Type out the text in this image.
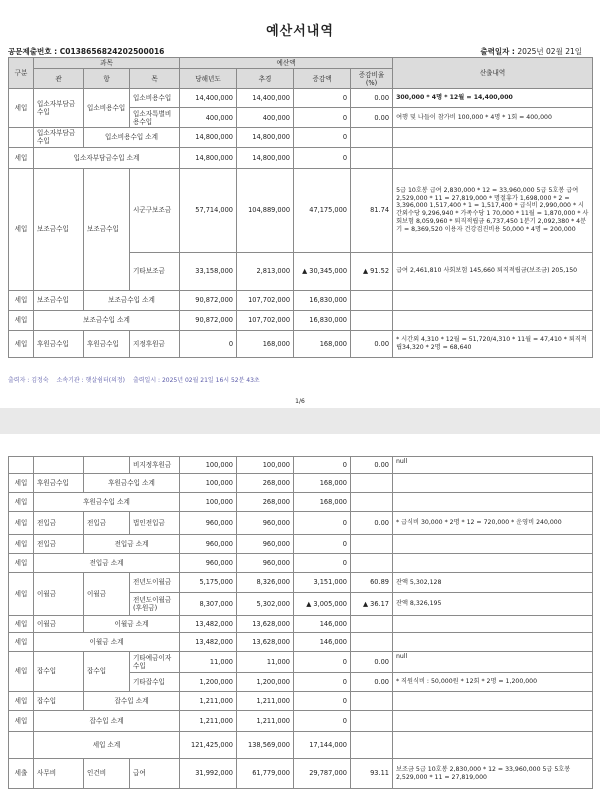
예산서내역
공문제출번호 : C0138656824202500016	출력일자 : 2025년 02월 21일
구분	과목			예산액				산출내역
	관	항	목	당해년도	추경	증감액	증감비율 (%)	

세입	입소자부담금수입	입소비용수입	입소비용수입	14,400,000	14,400,000	0	0.00	300,000 * 4명 * 12월 = 14,400,000
			입소자특별비용수입	400,000	400,000	0	0.00	여행 및 나들이 참가비 100,000 * 4명 * 1회 = 400,000
	입소자부담금수입	입소비용수입 소계		14,800,000	14,800,000	0		
세입	입소자부담금수입 소계			14,800,000	14,800,000	0		
세입	보조금수입	보조금수입	시군구보조금	57,714,000	104,889,000	47,175,000	81.74	5급 10호봉 급여 2,830,000 * 12 = 33,960,000 5급 5호봉 급여 2,529,000 * 11 = 27,819,000 * 명절휴가 1,698,000 * 2 = 3,396,000 1,517,400 * 1 = 1,517,400 * 급식비 2,990,000 * 시간외수당 9,296,940 * 가족수당 1 70,000 * 11월 = 1,870,000 * 사회보험 8,059,960 * 퇴직적립금 6,737,450 1분기 2,092,380 * 4분기 = 8,369,520 이용자 건강검진비용 50,000 * 4명 = 200,000
			기타보조금	33,158,000	2,813,000	▲ 30,345,000	▲ 91.52	급여 2,461,810 사회보험 145,660 퇴직적립금(보조금) 205,150
세입	보조금수입	보조금수입 소계		90,872,000	107,702,000	16,830,000		
세입	보조금수입 소계			90,872,000	107,702,000	16,830,000		
세입	후원금수입	후원금수입	지정후원금	0	168,000	168,000	0.00	* 시간외 4,310 * 12월 = 51,720/4,310 * 11월 = 47,410 * 퇴직적립34,320 * 2명 = 68,640
출력자 : 김정숙 소속기관 : 햇살쉼터(의정) 출력일시 : 2025년 02월 21일 16시 52분 43초
1/6
			비지정후원금	100,000	100,000	0	0.00	null
세입	후원금수입	후원금수입 소계		100,000	268,000	168,000		
세입	후원금수입 소계			100,000	268,000	168,000		
세입	전입금	전입금	법인전입금	960,000	960,000	0	0.00	* 급식비 30,000 * 2명 * 12 = 720,000 * 운영비 240,000
세입	전입금	전입금 소계		960,000	960,000	0		
세입	전입금 소계			960,000	960,000	0		
세입	이월금	이월금	전년도이월금	5,175,000	8,326,000	3,151,000	60.89	잔액 5,302,128
			전년도이월금(후원금)	8,307,000	5,302,000	▲ 3,005,000	▲ 36.17	잔액 8,326,195
세입	이월금	이월금 소계		13,482,000	13,628,000	146,000		
세입	이월금 소계			13,482,000	13,628,000	146,000		
세입	잡수입	잡수입	기타예금이자수입	11,000	11,000	0	0.00	null
			기타잡수입	1,200,000	1,200,000	0	0.00	* 직원식비 : 50,000원 * 12회 * 2명 = 1,200,000
세입	잡수입	잡수입 소계		1,211,000	1,211,000	0		
세입	잡수입 소계			1,211,000	1,211,000	0		
	세입 소계			121,425,000	138,569,000	17,144,000		
세출	사무비	인건비	급여	31,992,000	61,779,000	29,787,000	93.11	보조금 5급 10호봉 2,830,000 * 12 = 33,960,000 5급 5호봉 2,529,000 * 11 = 27,819,000
